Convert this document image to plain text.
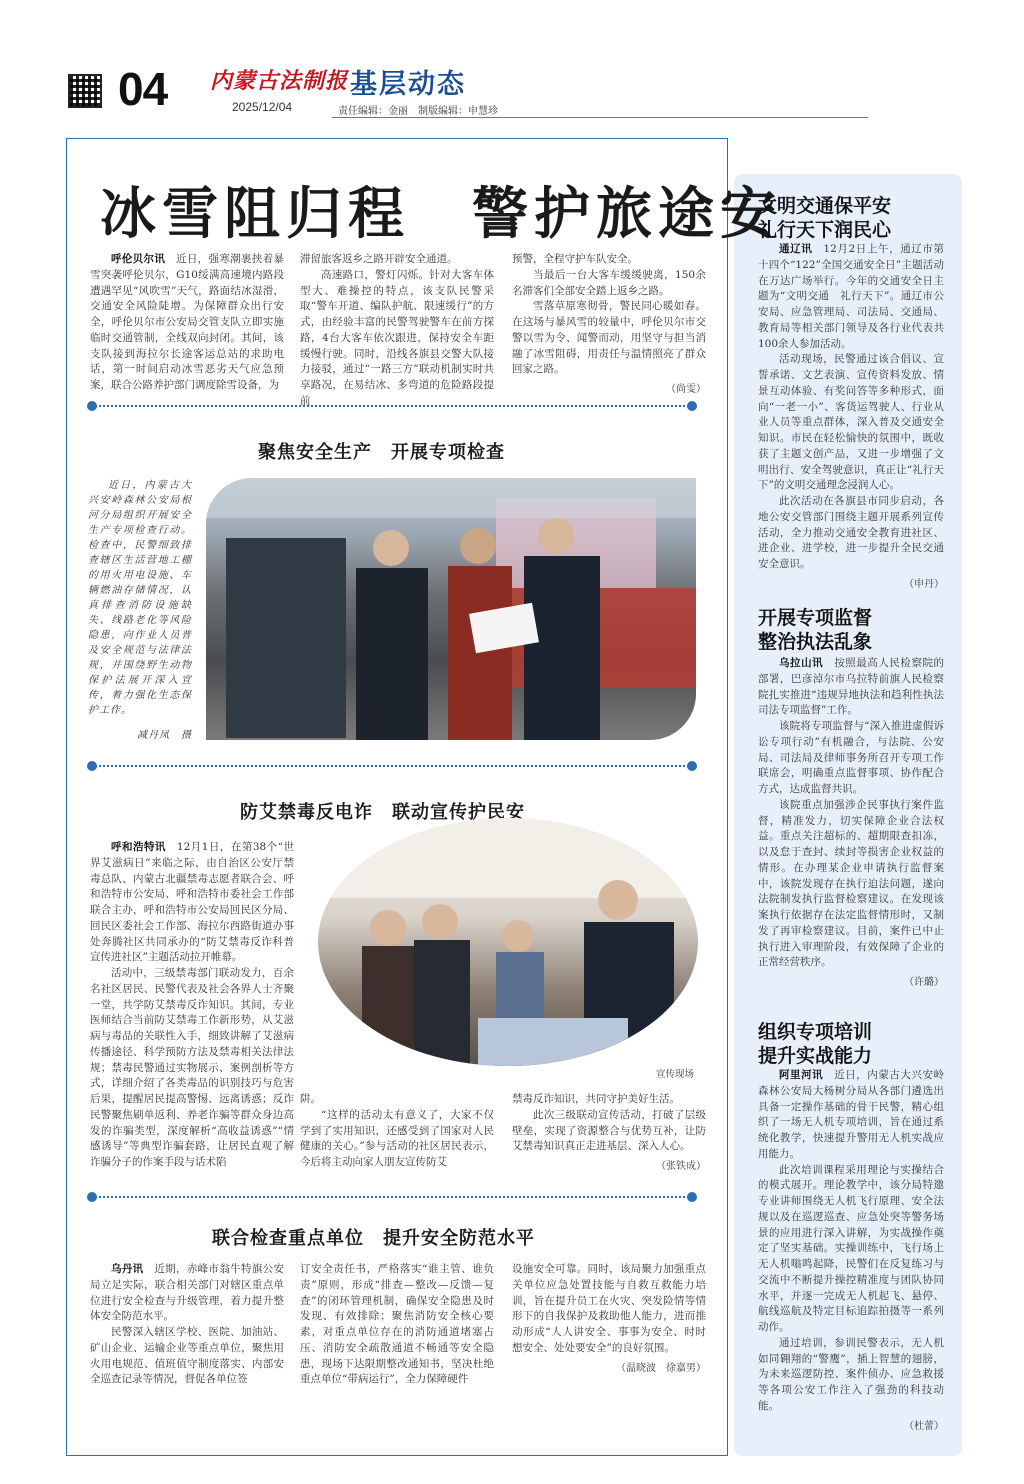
04 内蒙古法制报
2025/12/04
基层动态
责任编辑：金丽　制版编辑：申慧珍
冰雪阻归程　警护旅途安

呼伦贝尔讯　 近日，强寒潮裹挟着暴雪突袭呼伦贝尔，G10绥满高速境内路段遭遇罕见“风吹雪”天气，路面结冰湿滑，交通安全风险陡增。为保障群众出行安全，呼伦贝尔市公安局交管支队立即实施临时交通管制，全线双向封闭。其间，该支队接到海拉尔长途客运总站的求助电话，第一时间启动冰雪恶劣天气应急预案，联合公路养护部门调度除雪设备，为

滞留旅客返乡之路开辟安全通道。

高速路口，警灯闪烁。针对大客车体型大、难操控的特点，该支队民警采取“警车开道、编队护航、限速缓行”的方式，由经验丰富的民警驾驶警车在前方探路，4台大客车依次跟进，保持安全车距缓慢行驶。同时，沿线各旗县交警大队接力接驳，通过“一路三方”联动机制实时共享路况，在易结冰、多弯道的危险路段提前

预警，全程守护车队安全。

当最后一台大客车缓缓驶离，150余名滞客们全部安全踏上返乡之路。

雪落草原寒彻骨，警民同心暖如春。在这场与暴风雪的较量中，呼伦贝尔市交警以雪为令、闻警而动，用坚守与担当消融了冰雪阻碍，用责任与温情照亮了群众回家之路。

（尚雯）
聚焦安全生产　开展专项检查

近日，内蒙古大兴安岭森林公安局根河分局组织开展安全生产专项检查行动。检查中，民警细致排查辖区生活营地工棚的用火用电设施、车辆燃油存储情况，认真排查消防设施缺失、线路老化等风险隐患，向作业人员普及安全规范与法律法规，并围绕野生动物保护法展开深入宣传，着力强化生态保护工作。

减丹凤　摄
防艾禁毒反电诈　联动宣传护民安

呼和浩特讯　 12月1日，在第38个“世界艾滋病日”来临之际，由自治区公安厅禁毒总队、内蒙古北疆禁毒志愿者联合会、呼和浩特市公安局、呼和浩特市委社会工作部联合主办，呼和浩特市公安局回民区分局、回民区委社会工作部、海拉尔西路街道办事处奔腾社区共同承办的“防艾禁毒反诈科普宣传进社区”主题活动拉开帷幕。

活动中，三级禁毒部门联动发力，百余名社区居民、民警代表及社会各界人士齐聚一堂，共学防艾禁毒反诈知识。其间，专业医师结合当前防艾禁毒工作新形势，从艾滋病与毒品的关联性入手，细致讲解了艾滋病传播途径、科学预防方法及禁毒相关法律法规；禁毒民警通过实物展示、案例剖析等方式，详细介绍了各类毒品的识别技巧与危害后果，提醒居民提高警惕、远离诱惑；反诈民警聚焦刷单返利、养老诈骗等群众身边高发的诈骗类型，深度解析“高收益诱惑”“情感诱导”等典型诈骗套路，让居民直观了解诈骗分子的作案手段与话术陷

宣传现场

阱。

“这样的活动太有意义了，大家不仅学到了实用知识，还感受到了国家对人民健康的关心。”参与活动的社区居民表示，今后将主动向家人朋友宣传防艾

禁毒反诈知识，共同守护美好生活。

此次三级联动宣传活动，打破了层级壁垒，实现了资源整合与优势互补，让防艾禁毒知识真正走进基层、深入人心。

（张铁成）
联合检查重点单位　提升安全防范水平

乌丹讯　 近期，赤峰市翁牛特旗公安局立足实际，联合相关部门对辖区重点单位进行安全检查与升级管理，着力提升整体安全防范水平。

民警深入辖区学校、医院、加油站、矿山企业、运输企业等重点单位，聚焦用火用电规范、值班值守制度落实、内部安全巡查记录等情况，督促各单位签

订安全责任书，严格落实“谁主管、谁负责”原则，形成“排查—整改—反馈—复查”的闭环管理机制，确保安全隐患及时发现、有效排除；聚焦消防安全核心要素，对重点单位存在的消防通道堵塞占压、消防安全疏散通道不畅通等安全隐患，现场下达限期整改通知书，坚决杜绝重点单位“带病运行”，全力保障硬件

设施安全可靠。同时，该局聚力加强重点关单位应急处置技能与自救互救能力培训，旨在提升员工在火灾、突发险情等情形下的自我保护及救助他人能力，进而推动形成“人人讲安全、事事为安全、时时想安全、处处要安全”的良好氛围。

（温晓波　徐嘉男）
文明交通保平安
礼行天下润民心

通辽讯　 12月2日上午，通辽市第十四个“122”全国交通安全日”主题活动在万达广场举行。今年的交通安全日主题为“文明交通　礼行天下”。通辽市公安局、应急管理局、司法局、交通局、教育局等相关部门领导及各行业代表共100余人参加活动。

活动现场，民警通过该合倡议、宣誓承诺、文艺表演、宣传资料发放、情景互动体验、有奖问答等多种形式，面向“一老一小”、客货运驾驶人、行业从业人员等重点群体，深入普及交通安全知识。市民在轻松愉快的氛围中，既收获了主题文创产品，又进一步增强了文明出行、安全驾驶意识，真正让“礼行天下”的文明交通理念浸润人心。

此次活动在各旗县市同步启动，各地公安交管部门围绕主题开展系列宣传活动，全力推动交通安全教育进社区、进企业、进学校，进一步提升全民交通安全意识。

（申丹）
开展专项监督
整治执法乱象

乌拉山讯　 按照最高人民检察院的部署，巴彦淖尔市乌拉特前旗人民检察院扎实推进“违规异地执法和趋利性执法司法专项监督”工作。

该院将专项监督与“深入推进虚假诉讼专项行动”有机融合，与法院、公安局、司法局及律师事务所召开专项工作联席会，明确重点监督事项、协作配合方式，达成监督共识。

该院重点加强涉企民事执行案件监督，精准发力，切实保障企业合法权益。重点关注超标的、超期限查扣冻，以及怠于查封、续封等损害企业权益的情形。在办理某企业申请执行监督案中，该院发现存在执行迫法问题，遂向法院制发执行监督检察建议。在发现该案执行依据存在法定监督情形时，又制发了再审检察建议。目前，案件已中止执行进入审理阶段，有效保障了企业的正常经营秩序。

（许璐）
组织专项培训
提升实战能力

阿里河讯　 近日，内蒙古大兴安岭森林公安局大杨树分局从各部门遴选出具备一定操作基础的骨干民警，精心组织了一场无人机专项培训，旨在通过系统化教学，快速提升警用无人机实战应用能力。

此次培训课程采用理论与实操结合的模式展开。理论教学中，该分局特邀专业讲师围绕无人机飞行原理、安全法规以及在巡逻巡查、应急处突等警务场景的应用进行深入讲解，为实战操作奠定了坚实基础。实操训练中，飞行场上无人机嗡鸣起降，民警们在反复练习与交流中不断提升操控精准度与团队协同水平，并逐一完成无人机起飞、悬停、航线巡航及特定目标追踪拍摄等一系列动作。

通过培训，参训民警表示，无人机如同翱翔的“警鹰”，插上智慧的翅膀，为未来巡逻防控、案件侦办、应急救援等各项公安工作注入了强劲的科技动能。

（杜蕾）
